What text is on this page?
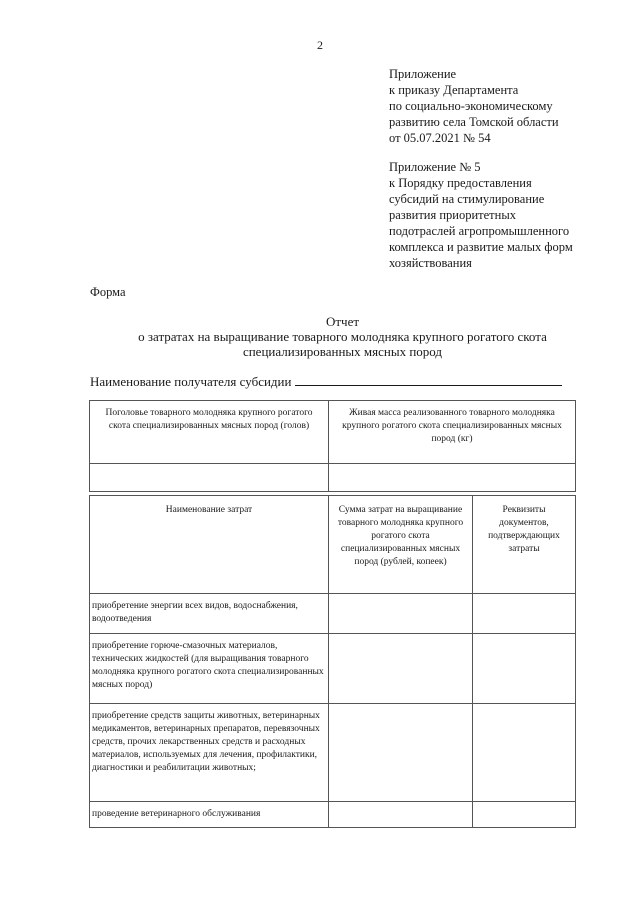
2
Приложение
к приказу Департамента
по социально-экономическому
развитию села Томской области
от 05.07.2021 № 54
Приложение № 5
к Порядку предоставления
субсидий на стимулирование
развития приоритетных
подотраслей агропромышленного
комплекса и развитие малых форм
хозяйствования
Форма
Отчет
о затратах на выращивание товарного молодняка крупного рогатого скота
специализированных мясных пород
Наименование получателя субсидии
Поголовье товарного молодняка крупного рогатого скота специализированных мясных пород (голов)	Живая масса реализованного товарного молодняка крупного рогатого скота специализированных мясных пород (кг)

Наименование затрат	Сумма затрат на выращивание товарного молодняка крупного рогатого скота специализированных мясных пород (рублей, копеек)	Реквизиты документов, подтверждающих затраты
приобретение энергии всех видов, водоснабжения, водоотведения		
приобретение горюче-смазочных материалов, технических жидкостей (для выращивания товарного молодняка крупного рогатого скота специализированных мясных пород)		
приобретение средств защиты животных, ветеринарных медикаментов, ветеринарных препаратов, перевязочных средств, прочих лекарственных средств и расходных материалов, используемых для лечения, профилактики, диагностики и реабилитации животных;		
проведение ветеринарного обслуживания		
